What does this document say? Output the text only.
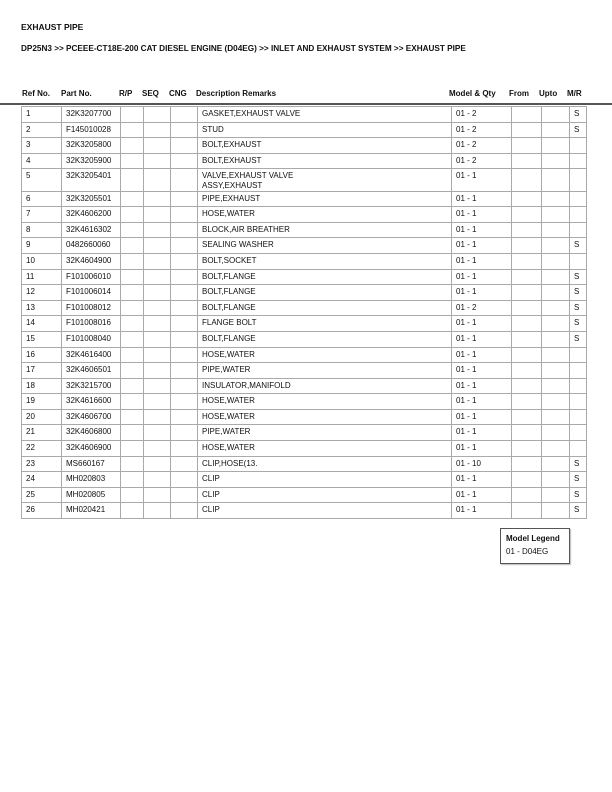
EXHAUST PIPE
DP25N3 >> PCEEE-CT18E-200 CAT DIESEL ENGINE (D04EG) >> INLET AND EXHAUST SYSTEM >> EXHAUST PIPE
Ref No. Part No.	R/P SEQ CNG Description Remarks	Model & Qty From Upto M/R
1	32K3207700				GASKET,EXHAUST VALVE	01 - 2			S
2	F145010028				STUD	01 - 2			S
3	32K3205800				BOLT,EXHAUST	01 - 2			
4	32K3205900				BOLT,EXHAUST	01 - 2			
5	32K3205401				VALVE,EXHAUST VALVE
ASSY,EXHAUST	01 - 1			
6	32K3205501				PIPE,EXHAUST	01 - 1			
7	32K4606200				HOSE,WATER	01 - 1			
8	32K4616302				BLOCK,AIR BREATHER	01 - 1			
9	0482660060				SEALING WASHER	01 - 1			S
10	32K4604900				BOLT,SOCKET	01 - 1			
11	F101006010				BOLT,FLANGE	01 - 1			S
12	F101006014				BOLT,FLANGE	01 - 1			S
13	F101008012				BOLT,FLANGE	01 - 2			S
14	F101008016				FLANGE BOLT	01 - 1			S
15	F101008040				BOLT,FLANGE	01 - 1			S
16	32K4616400				HOSE,WATER	01 - 1			
17	32K4606501				PIPE,WATER	01 - 1			
18	32K3215700				INSULATOR,MANIFOLD	01 - 1			
19	32K4616600				HOSE,WATER	01 - 1			
20	32K4606700				HOSE,WATER	01 - 1			
21	32K4606800				PIPE,WATER	01 - 1			
22	32K4606900				HOSE,WATER	01 - 1			
23	MS660167				CLIP,HOSE(13.	01 - 10			S
24	MH020803				CLIP	01 - 1			S
25	MH020805				CLIP	01 - 1			S
26	MH020421				CLIP	01 - 1			S
Model Legend
01 - D04EG
